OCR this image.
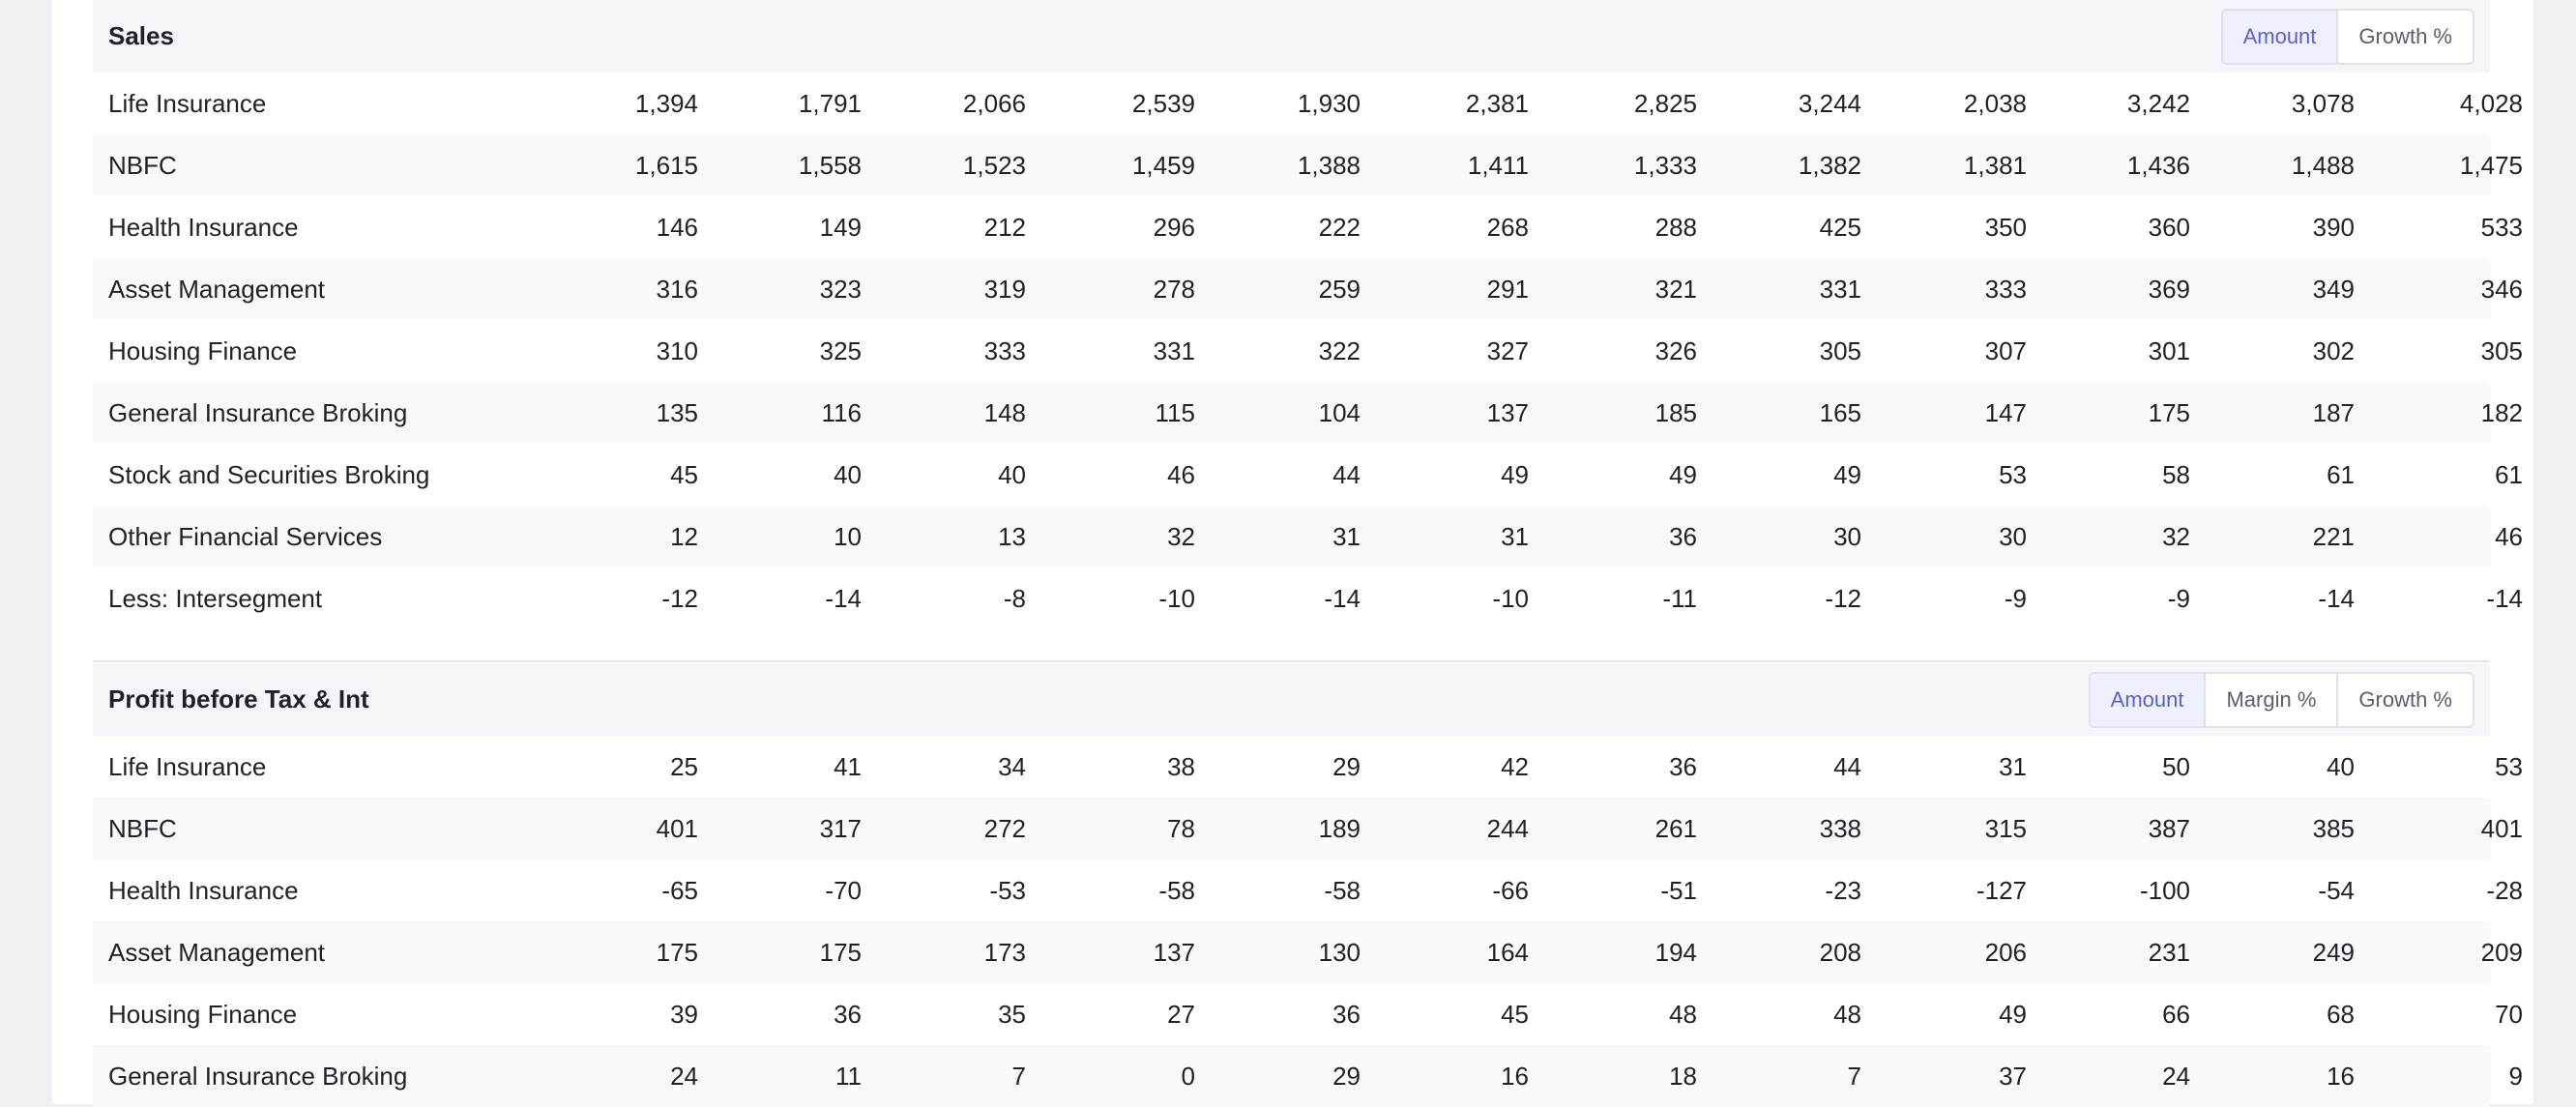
Sales	Amount	Growth %
Life Insurance	1,394	1,791	2,066	2,539	1,930	2,381	2,825	3,244	2,038	3,242	3,078	4,028
NBFC	1,615	1,558	1,523	1,459	1,388	1,411	1,333	1,382	1,381	1,436	1,488	1,475
Health Insurance	146	149	212	296	222	268	288	425	350	360	390	533
Asset Management	316	323	319	278	259	291	321	331	333	369	349	346
Housing Finance	310	325	333	331	322	327	326	305	307	301	302	305
General Insurance Broking	135	116	148	115	104	137	185	165	147	175	187	182
Stock and Securities Broking	45	40	40	46	44	49	49	49	53	58	61	61
Other Financial Services	12	10	13	32	31	31	36	30	30	32	221	46
Less: Intersegment	-12	-14	-8	-10	-14	-10	-11	-12	-9	-9	-14	-14
Profit before Tax & Int	Amount	Margin %	Growth %
Life Insurance	25	41	34	38	29	42	36	44	31	50	40	53
NBFC	401	317	272	78	189	244	261	338	315	387	385	401
Health Insurance	-65	-70	-53	-58	-58	-66	-51	-23	-127	-100	-54	-28
Asset Management	175	175	173	137	130	164	194	208	206	231	249	209
Housing Finance	39	36	35	27	36	45	48	48	49	66	68	70
General Insurance Broking	24	11	7	0	29	16	18	7	37	24	16	9
